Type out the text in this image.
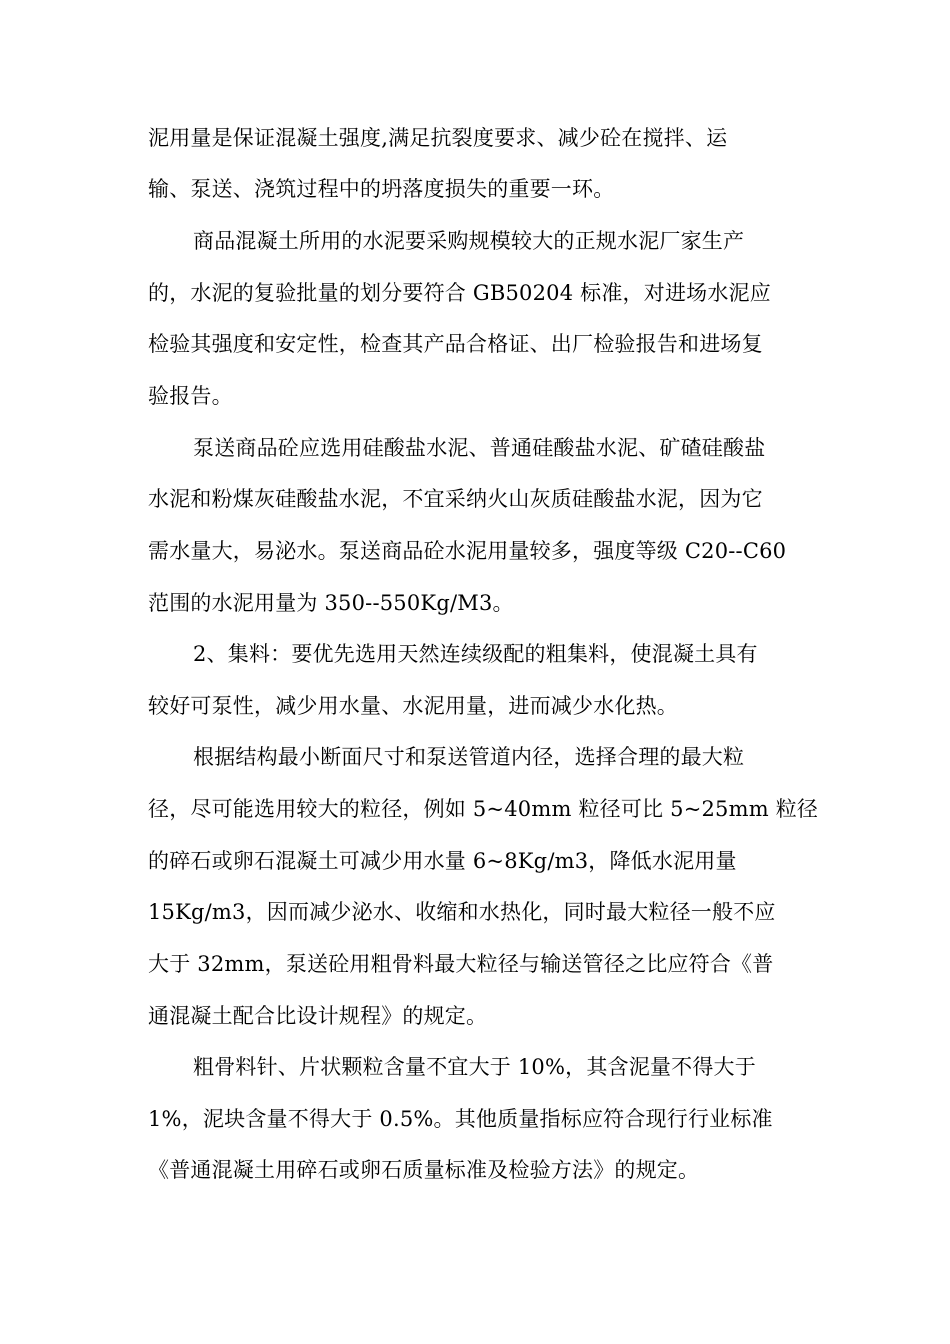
泥用量是保证混凝土强度,满足抗裂度要求、减少砼在搅拌、运
输、泵送、浇筑过程中的坍落度损失的重要一环。
商品混凝土所用的水泥要采购规模较大的正规水泥厂家生产
的，水泥的复验批量的划分要符合 GB50204 标准，对进场水泥应
检验其强度和安定性，检查其产品合格证、出厂检验报告和进场复
验报告。
泵送商品砼应选用硅酸盐水泥、普通硅酸盐水泥、矿碴硅酸盐
水泥和粉煤灰硅酸盐水泥，不宜采纳火山灰质硅酸盐水泥，因为它
需水量大，易泌水。泵送商品砼水泥用量较多，强度等级 C20--C60
范围的水泥用量为 350--550Kg/M3。
2、集料：要优先选用天然连续级配的粗集料，使混凝土具有
较好可泵性，减少用水量、水泥用量，进而减少水化热。
根据结构最小断面尺寸和泵送管道内径，选择合理的最大粒
径，尽可能选用较大的粒径，例如 5~40mm 粒径可比 5~25mm 粒径
的碎石或卵石混凝土可减少用水量 6~8Kg/m3，降低水泥用量
15Kg/m3，因而减少泌水、收缩和水热化，同时最大粒径一般不应
大于 32mm，泵送砼用粗骨料最大粒径与输送管径之比应符合《普
通混凝土配合比设计规程》的规定。
粗骨料针、片状颗粒含量不宜大于 10%，其含泥量不得大于
1%，泥块含量不得大于 0.5%。其他质量指标应符合现行行业标准
《普通混凝土用碎石或卵石质量标准及检验方法》的规定。
